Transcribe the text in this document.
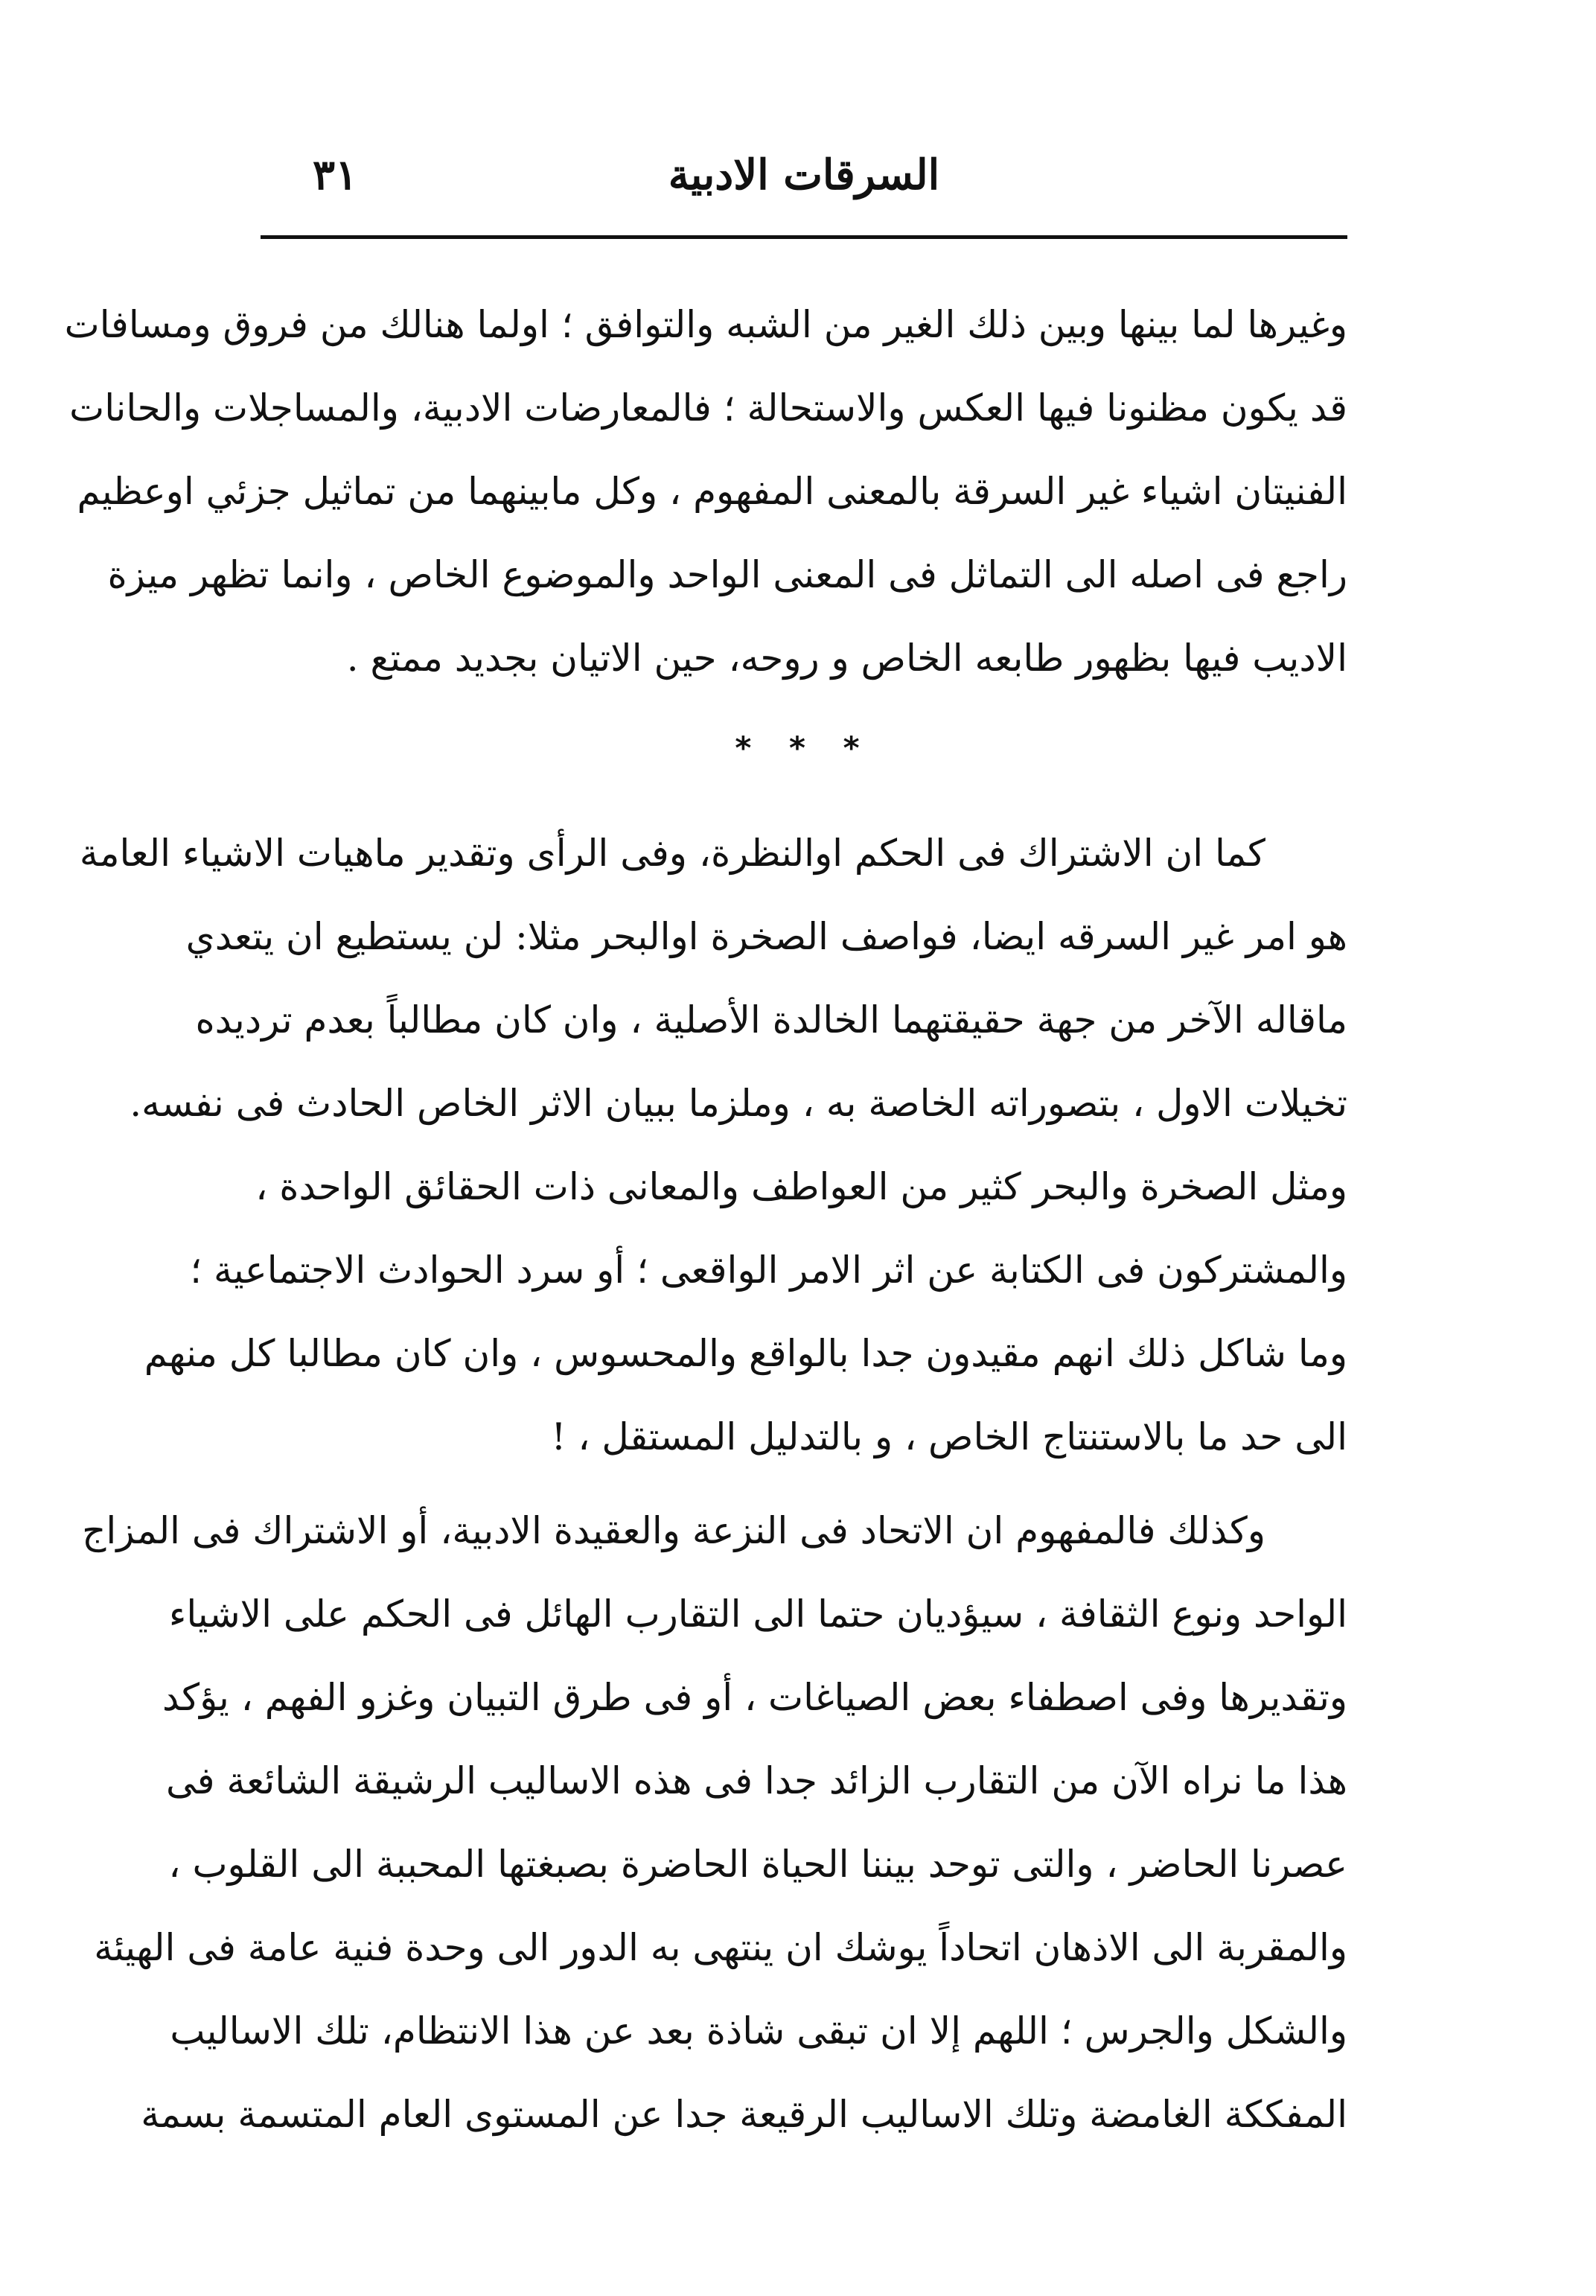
٣١	السرقات الادبية
وغيرها لما بينها وبين ذلك الغير من الشبه والتوافق ؛ اولما هنالك من فروق ومسافات
قد يكون مظنونا فيها العكس والاستحالة ؛ فالمعارضات الادبية، والمساجلات والحانات
الفنيتان اشياء غير السرقة بالمعنى المفهوم ، وكل مابينهما من تماثيل جزئي اوعظيم
راجع فى اصله الى التماثل فى المعنى الواحد والموضوع الخاص ، وانما تظهر ميزة
الاديب فيها بظهور طابعه الخاص و روحه، حين الاتيان بجديد ممتع .
* * *
كما ان الاشتراك فى الحكم اوالنظرة، وفى الرأى وتقدير ماهيات الاشياء العامة
هو امر غير السرقه ايضا، فواصف الصخرة اوالبحر مثلا: لن يستطيع ان يتعدي
ماقاله الآخر من جهة حقيقتهما الخالدة الأصلية ، وان كان مطالباً بعدم ترديده
تخيلات الاول ، بتصوراته الخاصة به ، وملزما ببيان الاثر الخاص الحادث فى نفسه.
ومثل الصخرة والبحر كثير من العواطف والمعانى ذات الحقائق الواحدة ،
والمشتركون فى الكتابة عن اثر الامر الواقعى ؛ أو سرد الحوادث الاجتماعية ؛
وما شاكل ذلك انهم مقيدون جدا بالواقع والمحسوس ، وان كان مطالبا كل منهم
الى حد ما بالاستنتاج الخاص ، و بالتدليل المستقل ، !
وكذلك فالمفهوم ان الاتحاد فى النزعة والعقيدة الادبية، أو الاشتراك فى المزاج
الواحد ونوع الثقافة ، سيؤديان حتما الى التقارب الهائل فى الحكم على الاشياء
وتقديرها وفى اصطفاء بعض الصياغات ، أو فى طرق التبيان وغزو الفهم ، يؤكد
هذا ما نراه الآن من التقارب الزائد جدا فى هذه الاساليب الرشيقة الشائعة فى
عصرنا الحاضر ، والتى توحد بيننا الحياة الحاضرة بصبغتها المحببة الى القلوب ،
والمقربة الى الاذهان اتحاداً يوشك ان ينتهى به الدور الى وحدة فنية عامة فى الهيئة
والشكل والجرس ؛ اللهم إلا ان تبقى شاذة بعد عن هذا الانتظام، تلك الاساليب
المفككة الغامضة وتلك الاساليب الرقيعة جدا عن المستوى العام المتسمة بسمة
